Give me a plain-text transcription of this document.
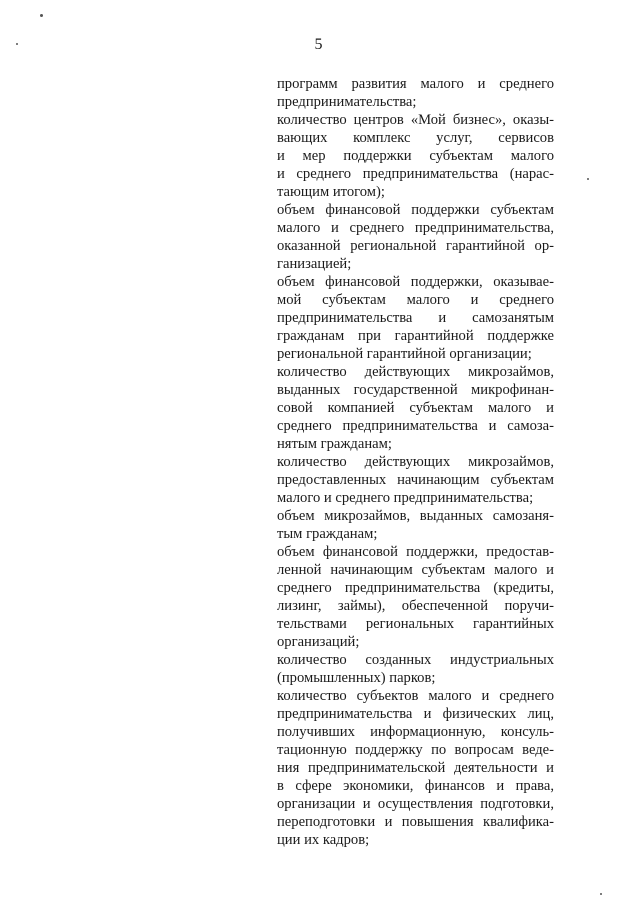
5
программ развития малого и среднего
предпринимательства;
количество центров «Мой бизнес», оказы-
вающих комплекс услуг, сервисов
и мер поддержки субъектам малого
и среднего предпринимательства (нарас-
тающим итогом);
объем финансовой поддержки субъектам
малого и среднего предпринимательства,
оказанной региональной гарантийной ор-
ганизацией;
объем финансовой поддержки, оказывае-
мой субъектам малого и среднего
предпринимательства и самозанятым
гражданам при гарантийной поддержке
региональной гарантийной организации;
количество действующих микрозаймов,
выданных государственной микрофинан-
совой компанией субъектам малого и
среднего предпринимательства и самоза-
нятым гражданам;
количество действующих микрозаймов,
предоставленных начинающим субъектам
малого и среднего предпринимательства;
объем микрозаймов, выданных самозаня-
тым гражданам;
объем финансовой поддержки, предостав-
ленной начинающим субъектам малого и
среднего предпринимательства (кредиты,
лизинг, займы), обеспеченной поручи-
тельствами региональных гарантийных
организаций;
количество созданных индустриальных
(промышленных) парков;
количество субъектов малого и среднего
предпринимательства и физических лиц,
получивших информационную, консуль-
тационную поддержку по вопросам веде-
ния предпринимательской деятельности и
в сфере экономики, финансов и права,
организации и осуществления подготовки,
переподготовки и повышения квалифика-
ции их кадров;
